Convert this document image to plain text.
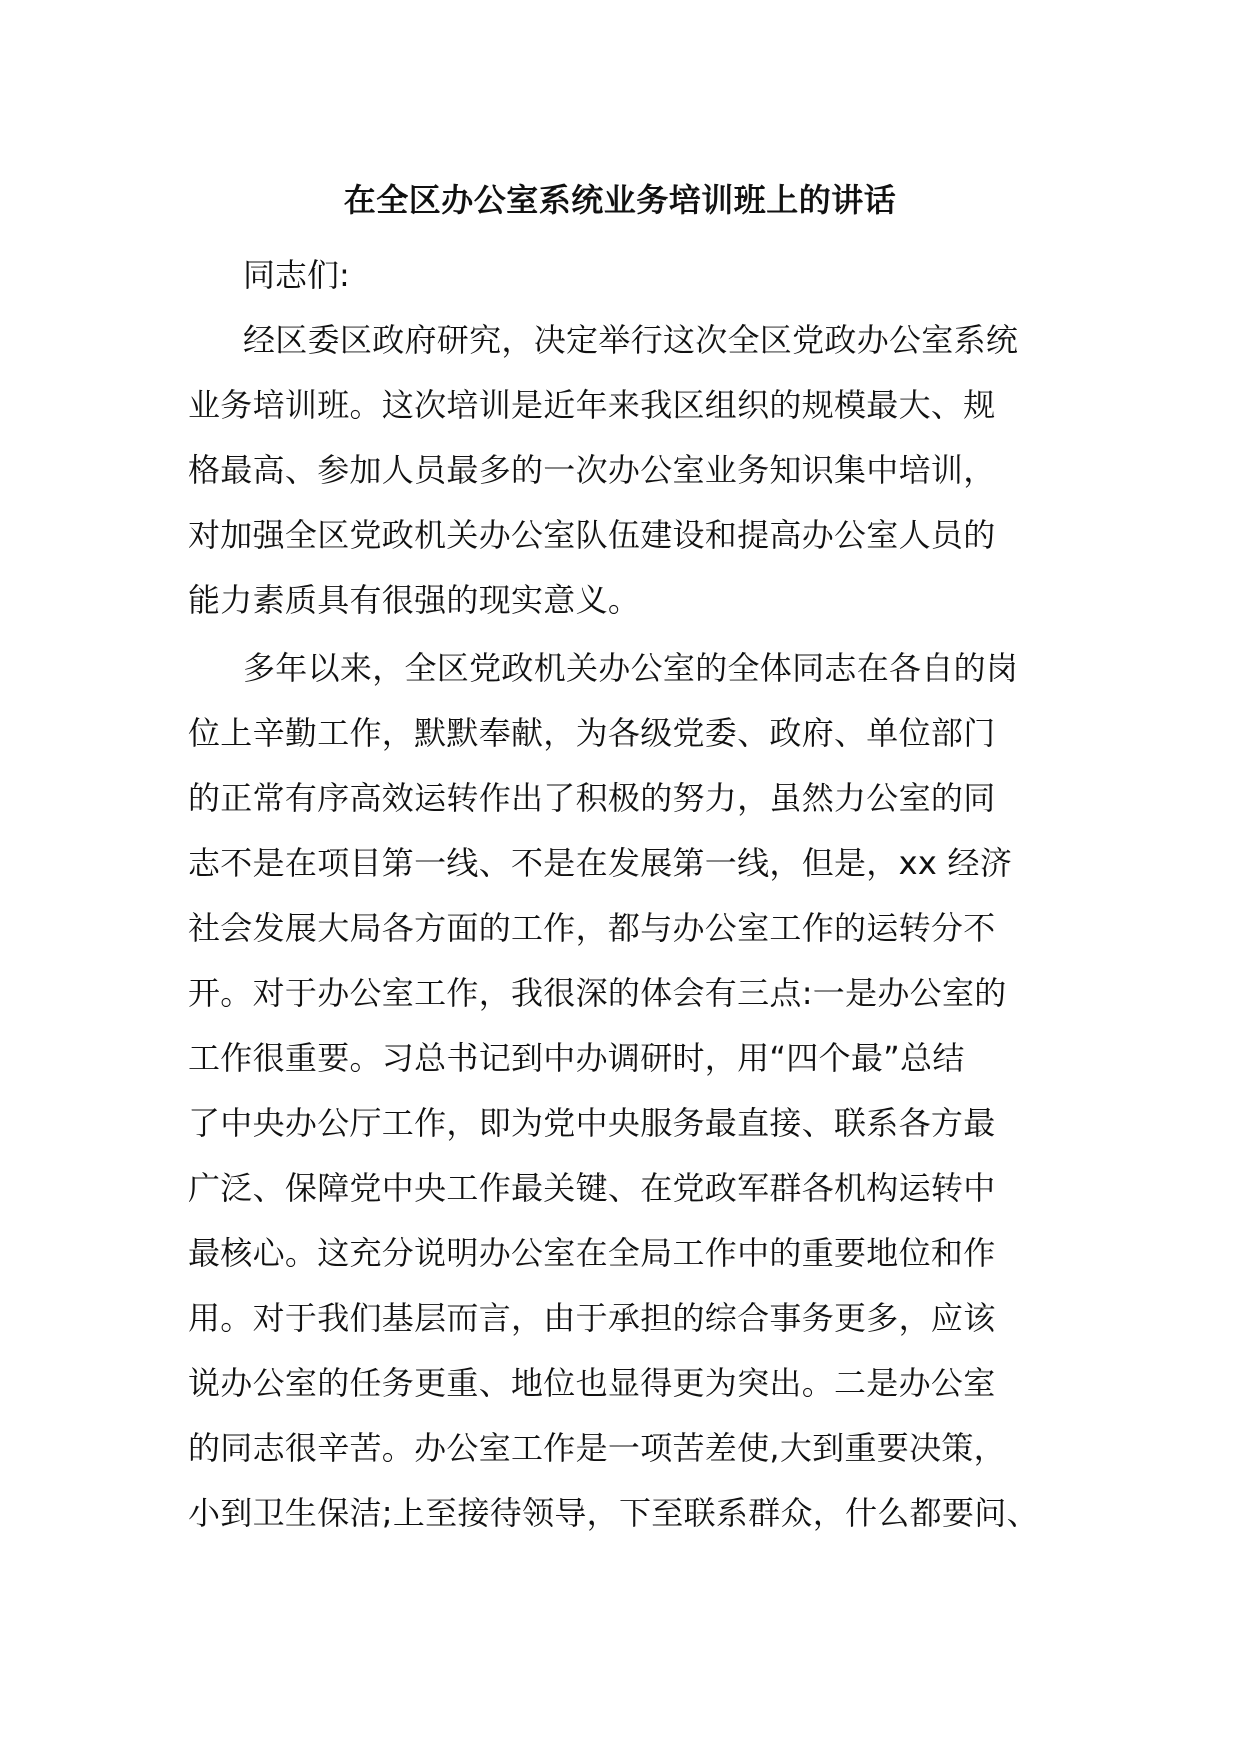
在全区办公室系统业务培训班上的讲话
同志们:
经区委区政府研究，决定举行这次全区党政办公室系统
业务培训班。这次培训是近年来我区组织的规模最大、规
格最高、参加人员最多的一次办公室业务知识集中培训，
对加强全区党政机关办公室队伍建设和提高办公室人员的
能力素质具有很强的现实意义。
多年以来，全区党政机关办公室的全体同志在各自的岗
位上辛勤工作，默默奉献，为各级党委、政府、单位部门
的正常有序高效运转作出了积极的努力，虽然力公室的同
志不是在项目第一线、不是在发展第一线，但是，xx 经济
社会发展大局各方面的工作，都与办公室工作的运转分不
开。对于办公室工作，我很深的体会有三点:一是办公室的
工作很重要。习总书记到中办调研时，用“四个最”总结
了中央办公厅工作，即为党中央服务最直接、联系各方最
广泛、保障党中央工作最关键、在党政军群各机构运转中
最核心。这充分说明办公室在全局工作中的重要地位和作
用。对于我们基层而言，由于承担的综合事务更多，应该
说办公室的任务更重、地位也显得更为突出。二是办公室
的同志很辛苦。办公室工作是一项苦差使,大到重要决策，
小到卫生保洁;上至接待领导，下至联系群众，什么都要问、
